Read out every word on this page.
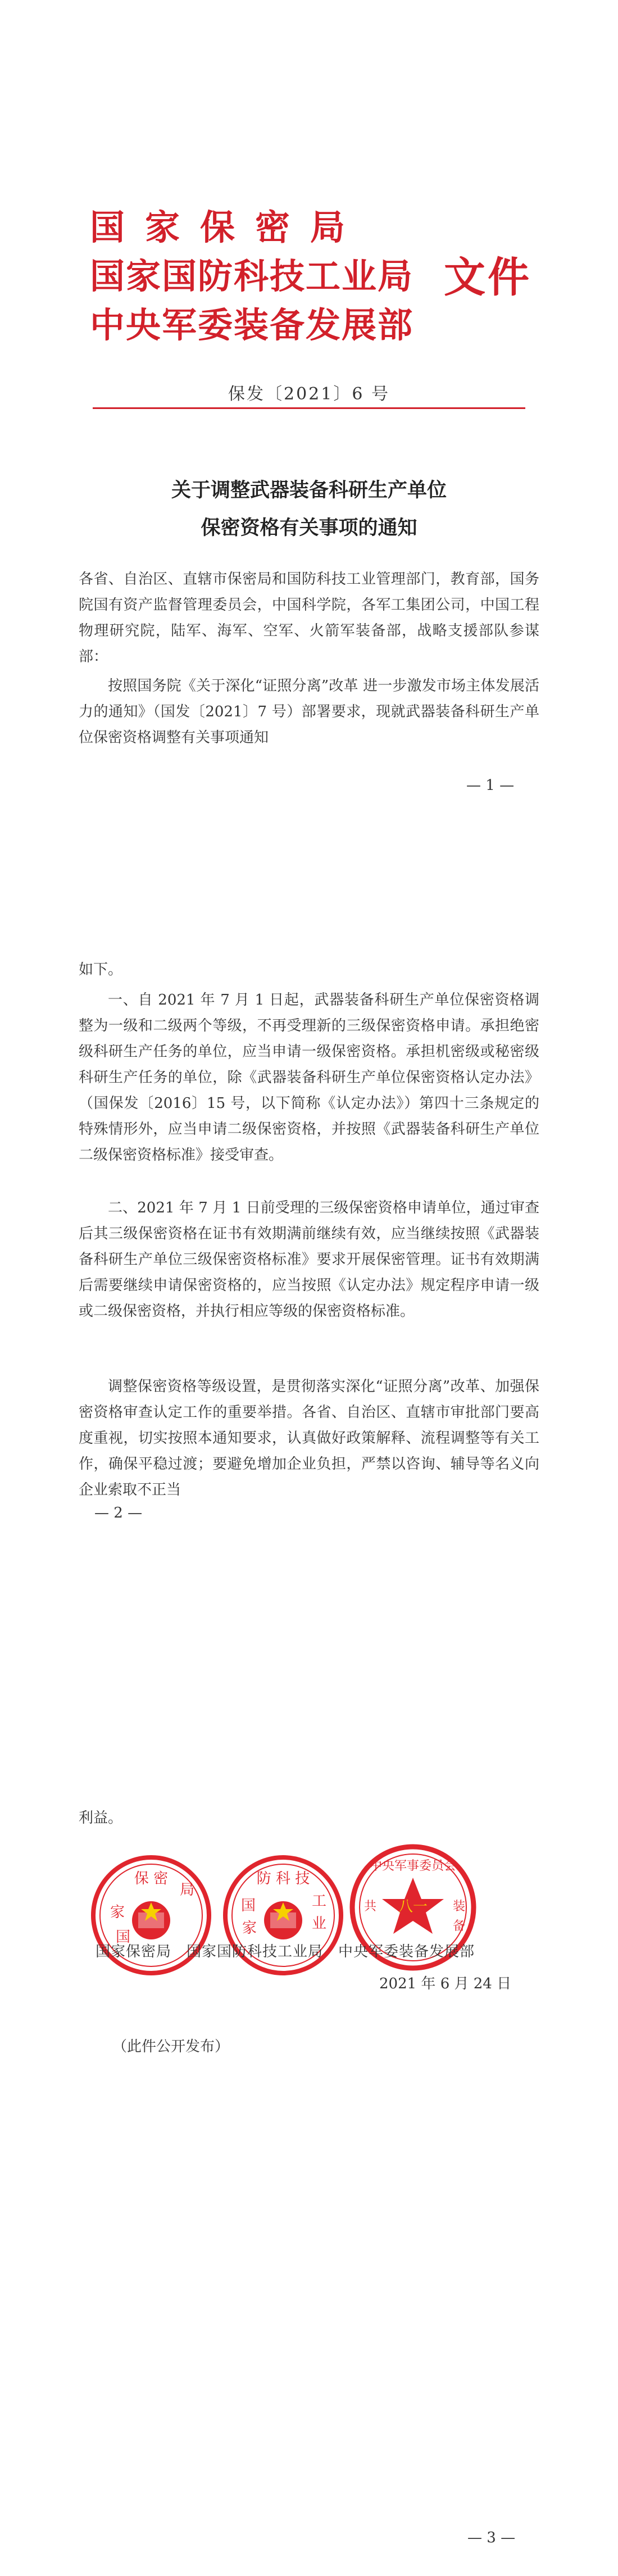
国家保密局
国家国防科技工业局
中央军委装备发展部
文件
保发〔2021〕6 号
关于调整武器装备科研生产单位
保密资格有关事项的通知
各省、自治区、直辖市保密局和国防科技工业管理部门，教育部，国务院国有资产监督管理委员会，中国科学院，各军工集团公司，中国工程物理研究院，陆军、海军、空军、火箭军装备部，战略支援部队参谋部：
按照国务院《关于深化“证照分离”改革 进一步激发市场主体发展活力的通知》（国发〔2021〕7 号）部署要求，现就武器装备科研生产单位保密资格调整有关事项通知
— 1 —
如下。
一、自 2021 年 7 月 1 日起，武器装备科研生产单位保密资格调整为一级和二级两个等级，不再受理新的三级保密资格申请。承担绝密级科研生产任务的单位，应当申请一级保密资格。承担机密级或秘密级科研生产任务的单位，除《武器装备科研生产单位保密资格认定办法》（国保发〔2016〕15 号，以下简称《认定办法》）第四十三条规定的特殊情形外，应当申请二级保密资格，并按照《武器装备科研生产单位二级保密资格标准》接受审查。
二、2021 年 7 月 1 日前受理的三级保密资格申请单位，通过审查后其三级保密资格在证书有效期满前继续有效，应当继续按照《武器装备科研生产单位三级保密资格标准》要求开展保密管理。证书有效期满后需要继续申请保密资格的，应当按照《认定办法》规定程序申请一级或二级保密资格，并执行相应等级的保密资格标准。
调整保密资格等级设置，是贯彻落实深化“证照分离”改革、加强保密资格审查认定工作的重要举措。各省、自治区、直辖市审批部门要高度重视，切实按照本通知要求，认真做好政策解释、流程调整等有关工作，确保平稳过渡；要避免增加企业负担，严禁以咨询、辅导等名义向企业索取不正当
— 2 —
利益。
保 密
家
国
局
防 科 技
国
家
工
业
中央军事委员会
共	装
备
八一
国家保密局　国家国防科技工业局　中央军委装备发展部
2021 年 6 月 24 日
（此件公开发布）
— 3 —
